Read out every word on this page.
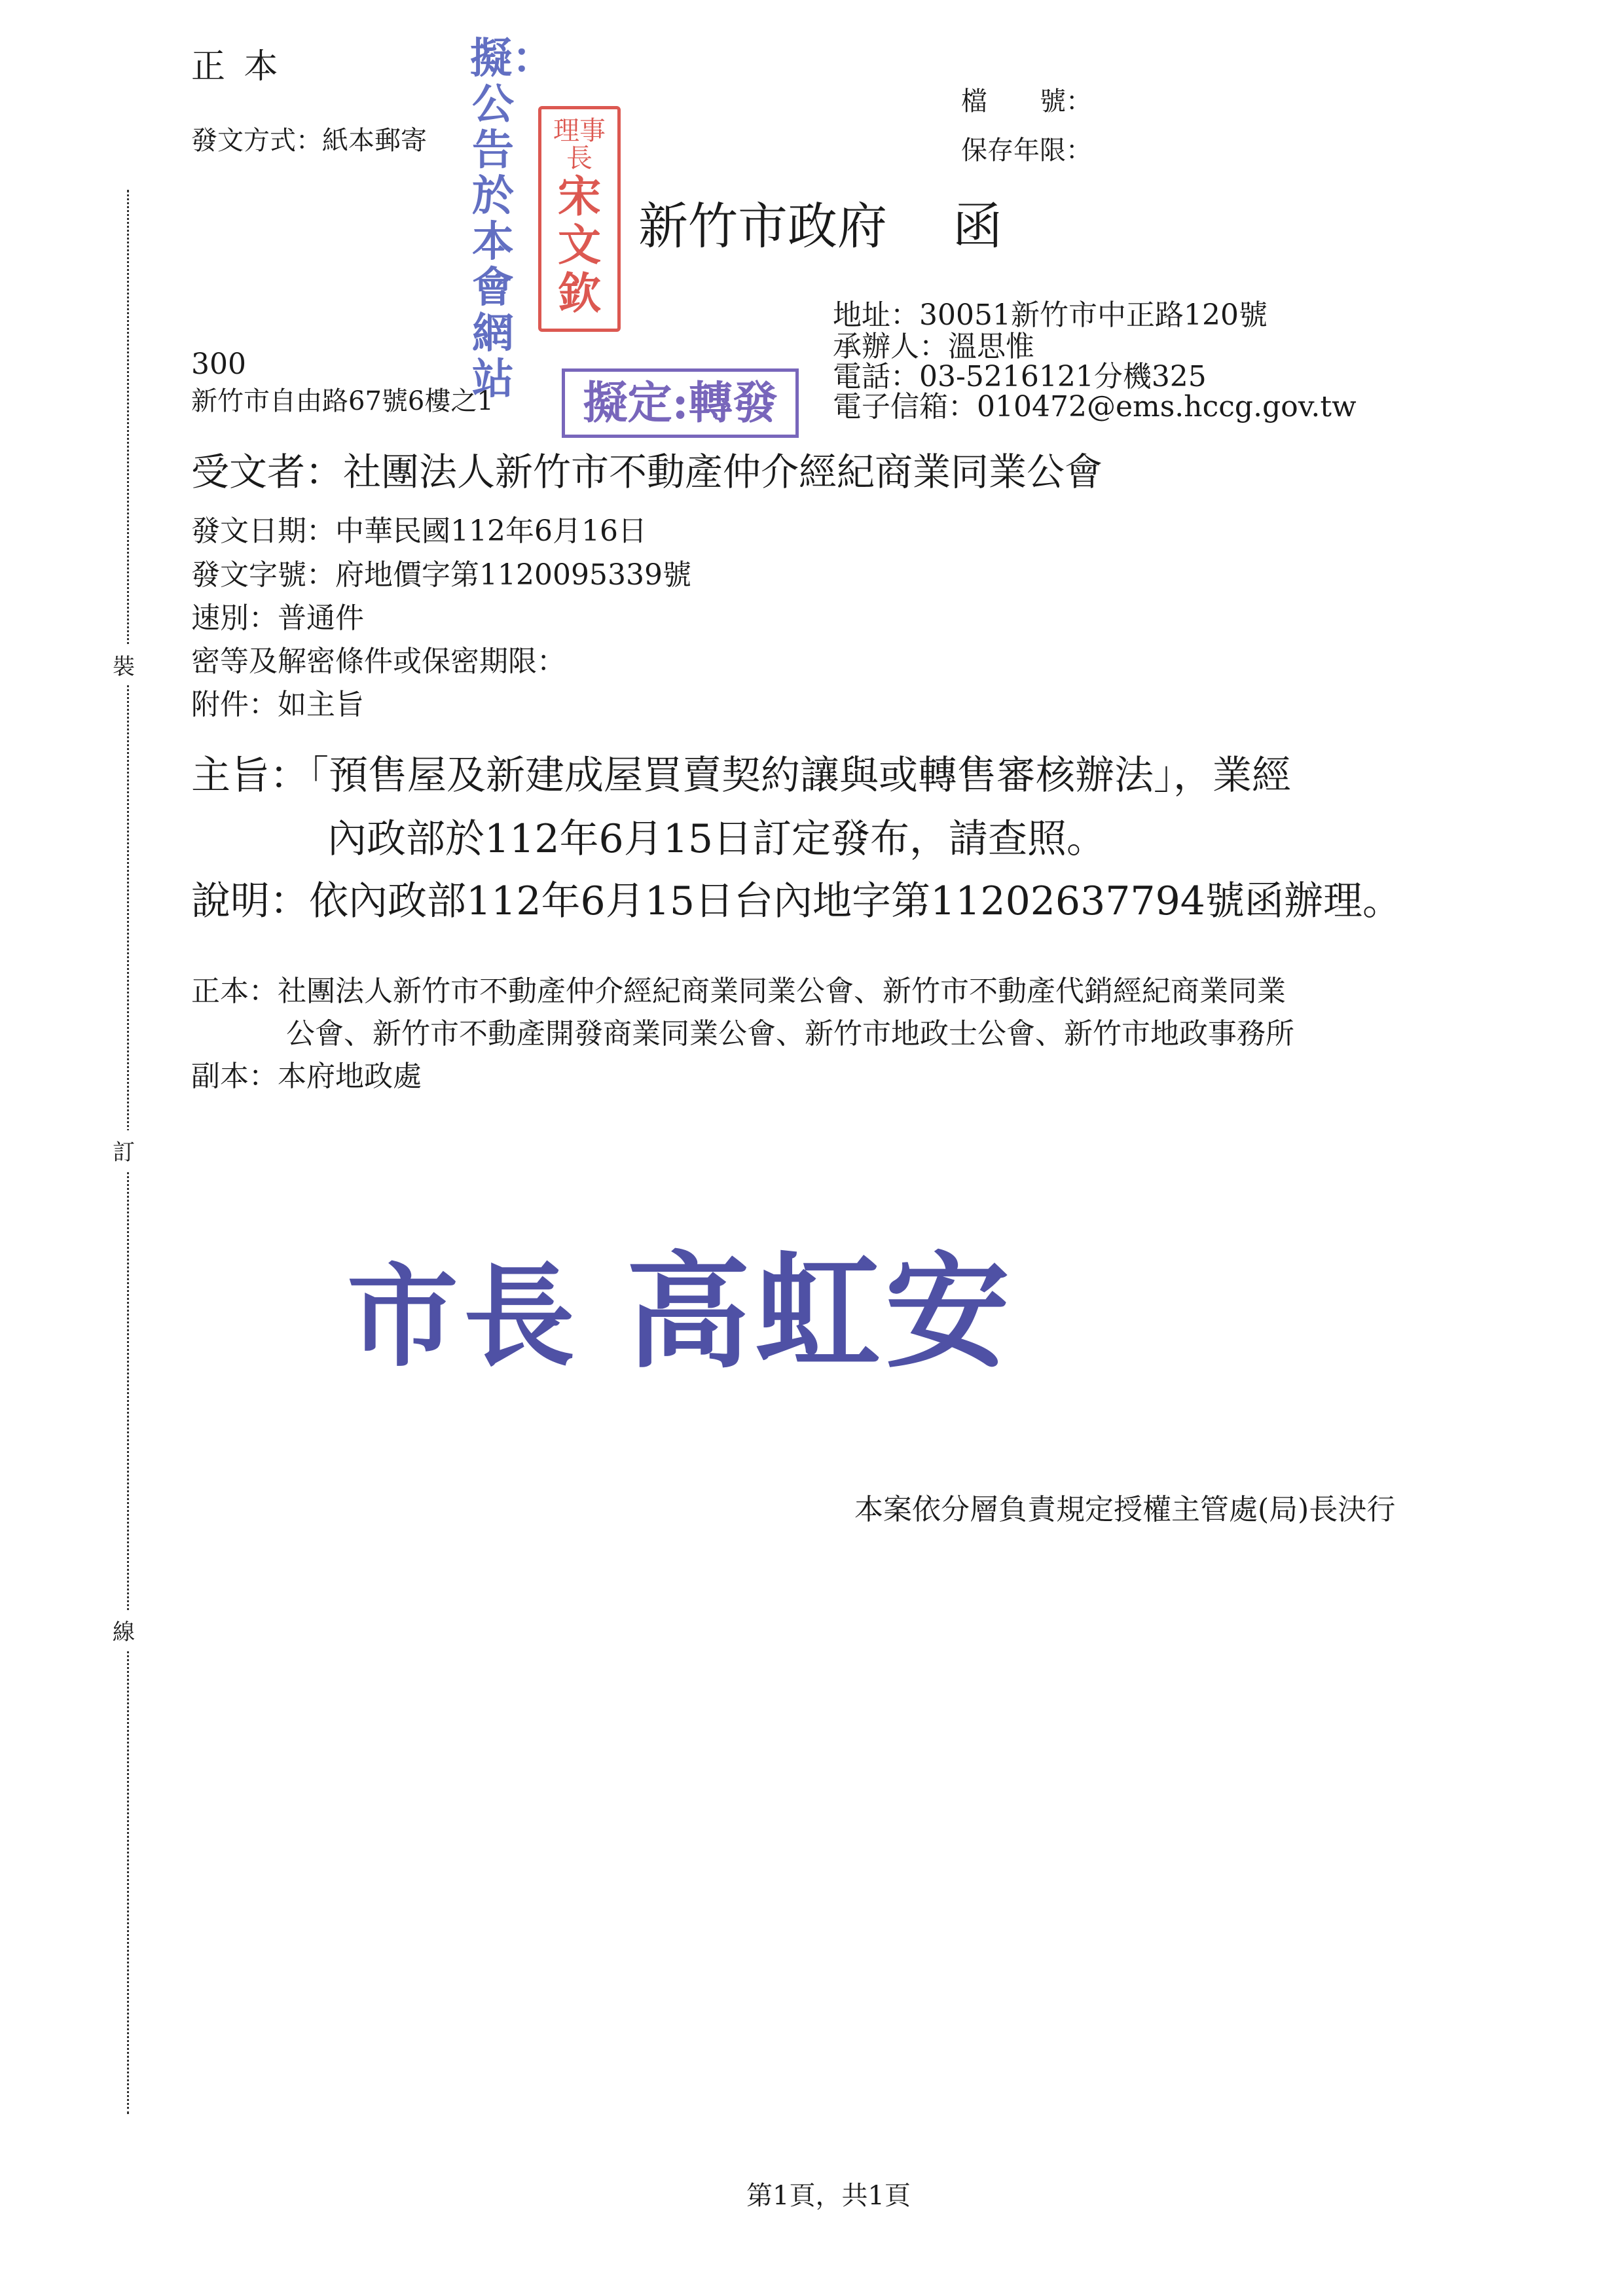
裝
訂
線
正 本
發文方式：紙本郵寄
檔　　號：
保存年限：
新竹市政府　 函
地址：30051新竹市中正路120號
承辦人：溫思惟
電話：03-5216121分機325
電子信箱：010472@ems.hccg.gov.tw
300
新竹市自由路67號6樓之1
受文者：社團法人新竹市不動產仲介經紀商業同業公會
發文日期：中華民國112年6月16日
發文字號：府地價字第1120095339號
速別：普通件
密等及解密條件或保密期限：
附件：如主旨
主旨：「預售屋及新建成屋買賣契約讓與或轉售審核辦法」，業經
內政部於112年6月15日訂定發布，請查照。
說明：依內政部112年6月15日台內地字第11202637794號函辦理。
正本：社團法人新竹市不動產仲介經紀商業同業公會、新竹市不動產代銷經紀商業同業
公會、新竹市不動產開發商業同業公會、新竹市地政士公會、新竹市地政事務所
副本：本府地政處
擬：公告於本會網站
理事長
宋文欽
擬定:轉發
市長 高虹安
本案依分層負責規定授權主管處(局)長決行
第1頁，共1頁
